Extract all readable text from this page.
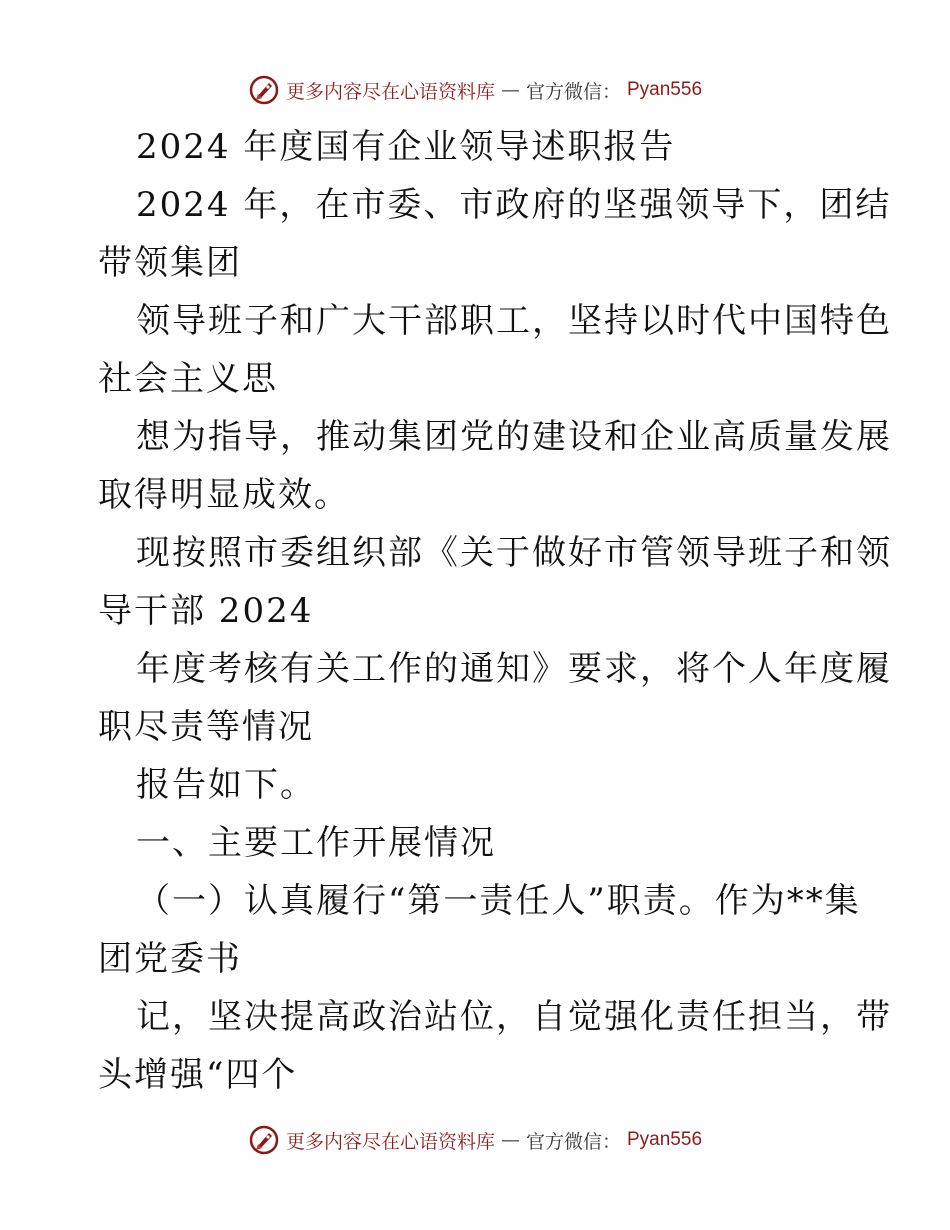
更多内容尽在心语资料库 — 官方微信： Pyan556
2024 年度国有企业领导述职报告
2024 年，在市委、市政府的坚强领导下，团结
带领集团
领导班子和广大干部职工，坚持以时代中国特色
社会主义思
想为指导，推动集团党的建设和企业高质量发展
取得明显成效。
现按照市委组织部《关于做好市管领导班子和领
导干部 2024
年度考核有关工作的通知》要求，将个人年度履
职尽责等情况
报告如下。
一、主要工作开展情况
（一）认真履行“第一责任人”职责。作为**集
团党委书
记，坚决提高政治站位，自觉强化责任担当，带
头增强“四个
更多内容尽在心语资料库 — 官方微信： Pyan556
